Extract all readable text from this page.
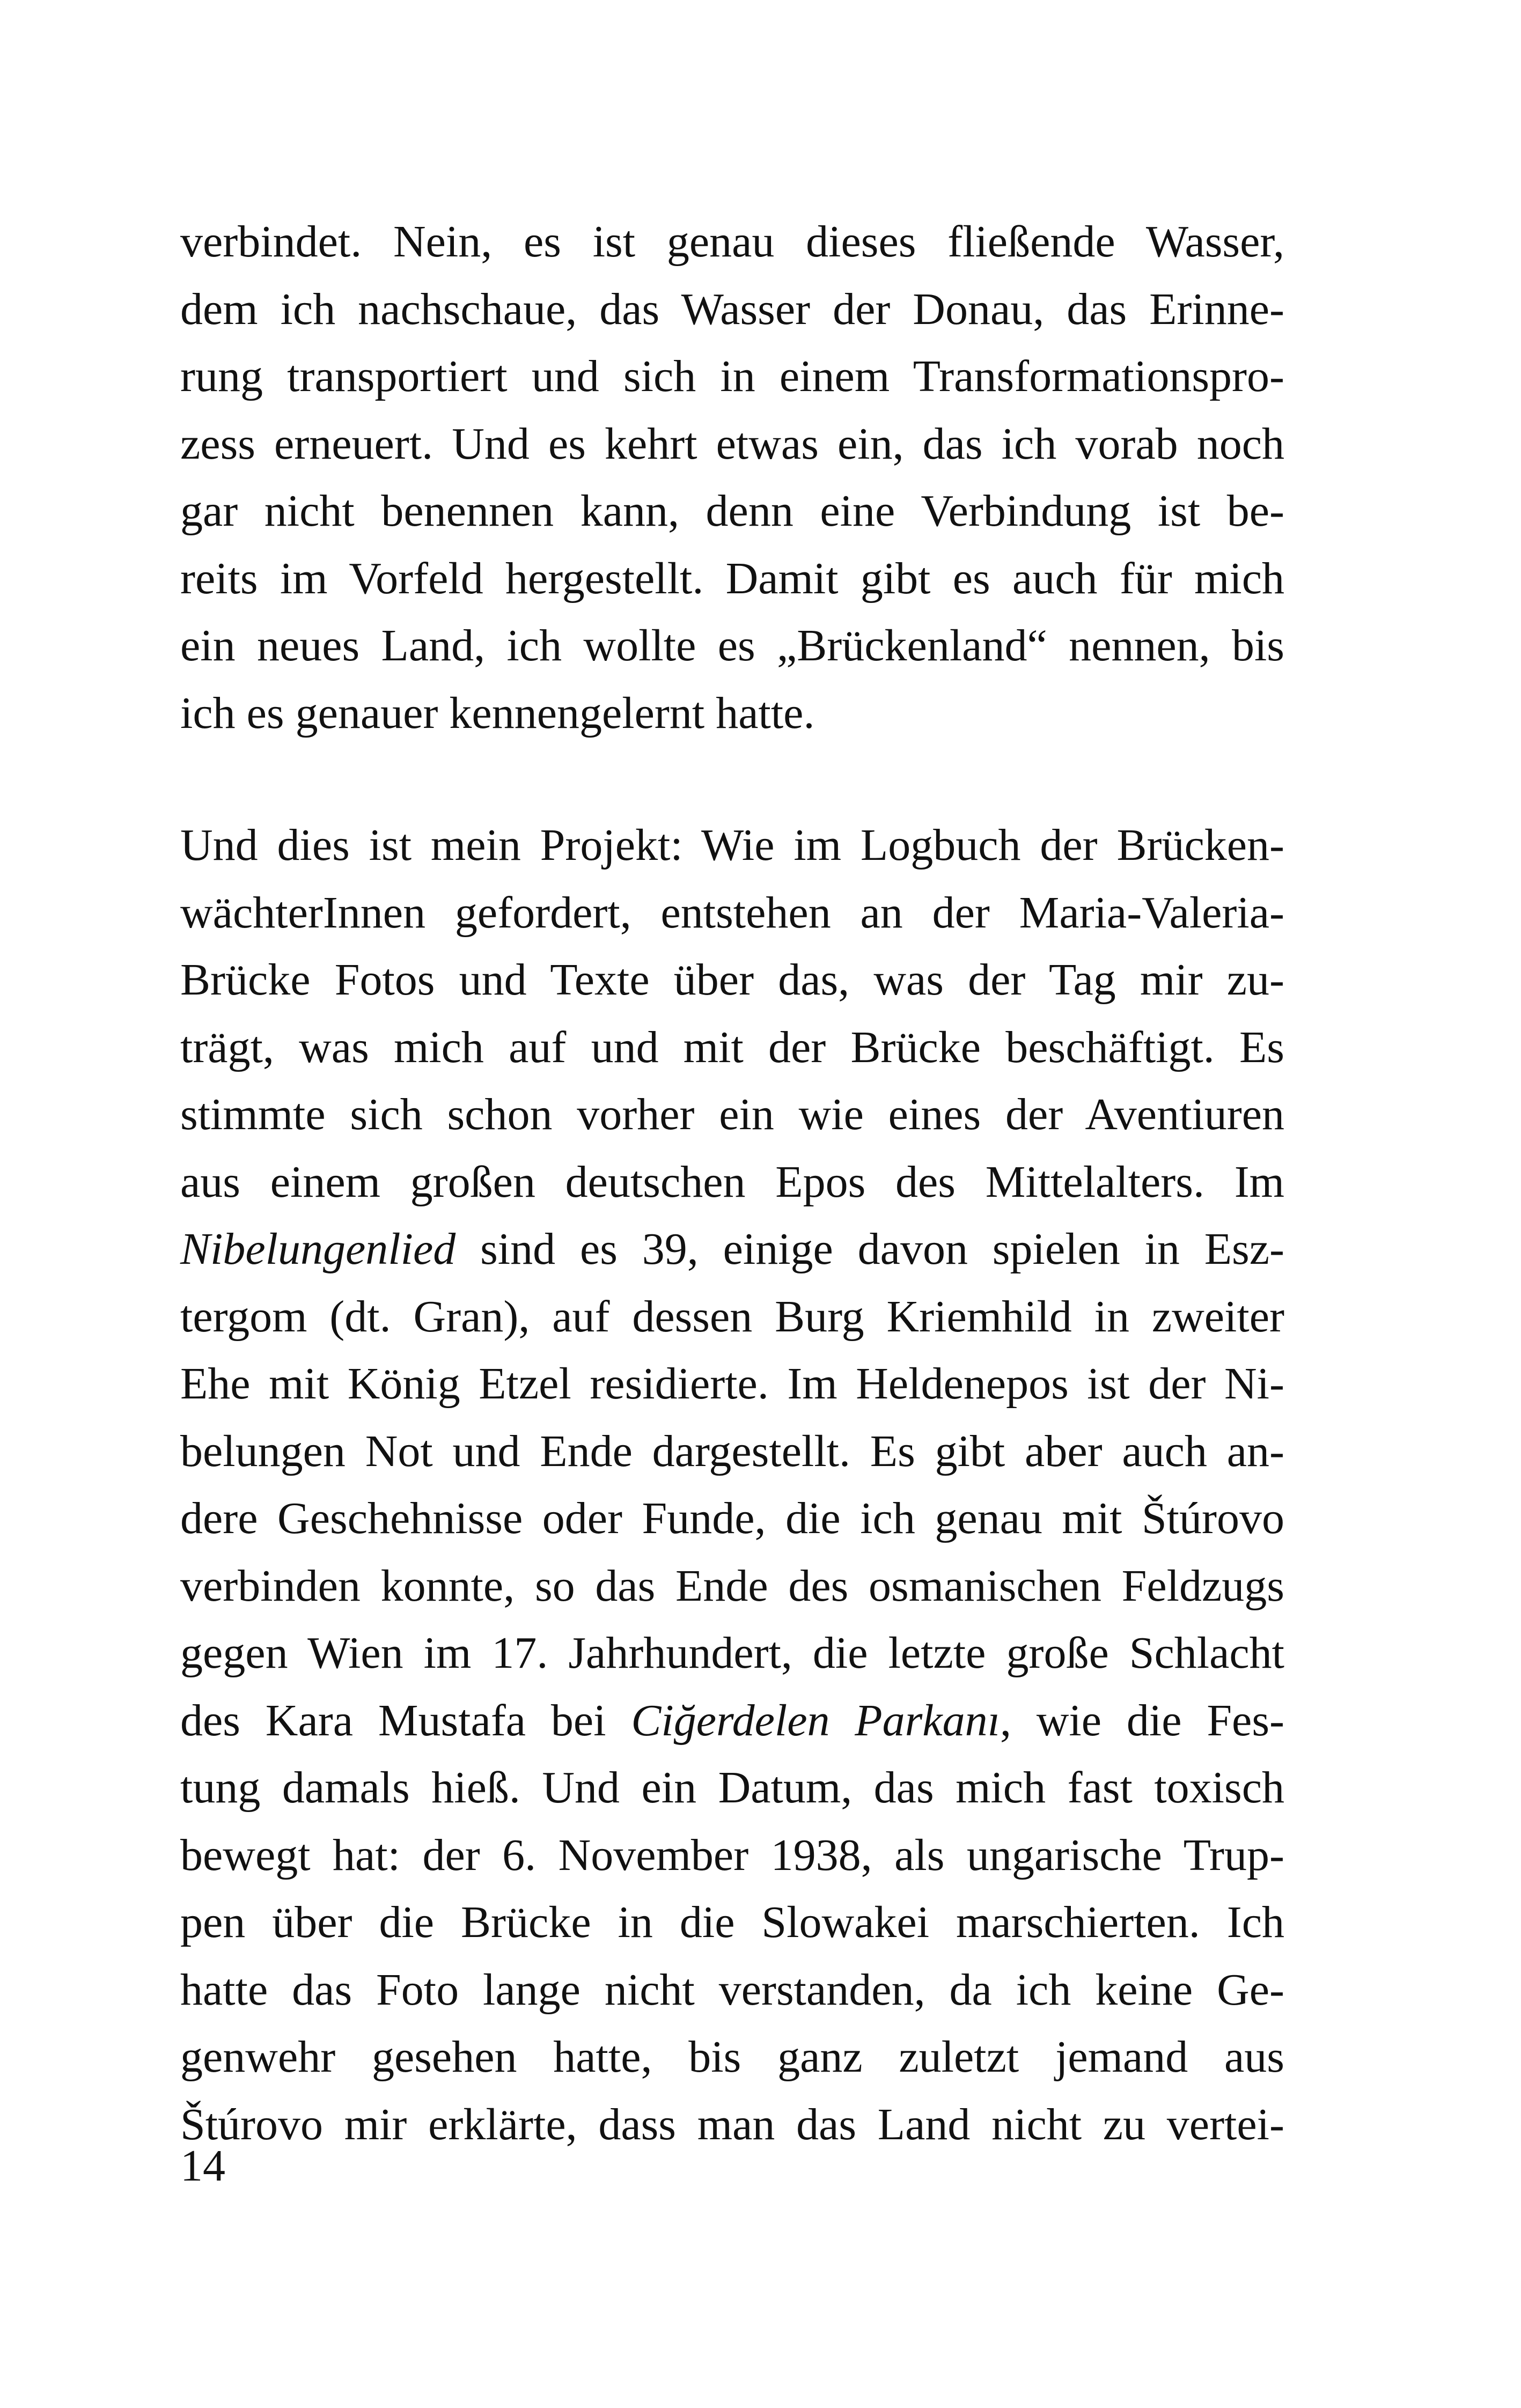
verbindet. Nein, es ist genau dieses fließende Wasser,
dem ich nachschaue, das Wasser der Donau, das Erinne-
rung transportiert und sich in einem Transformationspro-
zess erneuert. Und es kehrt etwas ein, das ich vorab noch
gar nicht benennen kann, denn eine Verbindung ist be-
reits im Vorfeld hergestellt. Damit gibt es auch für mich
ein neues Land, ich wollte es „Brückenland“ nennen, bis
ich es genauer kennengelernt hatte.
Und dies ist mein Projekt: Wie im Logbuch der Brücken-
wächterInnen gefordert, entstehen an der Maria-Valeria-
Brücke Fotos und Texte über das, was der Tag mir zu-
trägt, was mich auf und mit der Brücke beschäftigt. Es
stimmte sich schon vorher ein wie eines der Aventiuren
aus einem großen deutschen Epos des Mittelalters. Im
Nibelungenlied sind es 39, einige davon spielen in Esz-
tergom (dt. Gran), auf dessen Burg Kriemhild in zweiter
Ehe mit König Etzel residierte. Im Heldenepos ist der Ni-
belungen Not und Ende dargestellt. Es gibt aber auch an-
dere Geschehnisse oder Funde, die ich genau mit Štúrovo
verbinden konnte, so das Ende des osmanischen Feldzugs
gegen Wien im 17. Jahrhundert, die letzte große Schlacht
des Kara Mustafa bei Ciğerdelen Parkanı, wie die Fes-
tung damals hieß. Und ein Datum, das mich fast toxisch
bewegt hat: der 6. November 1938, als ungarische Trup-
pen über die Brücke in die Slowakei marschierten. Ich
hatte das Foto lange nicht verstanden, da ich keine Ge-
genwehr gesehen hatte, bis ganz zuletzt jemand aus
Štúrovo mir erklärte, dass man das Land nicht zu vertei-
14
